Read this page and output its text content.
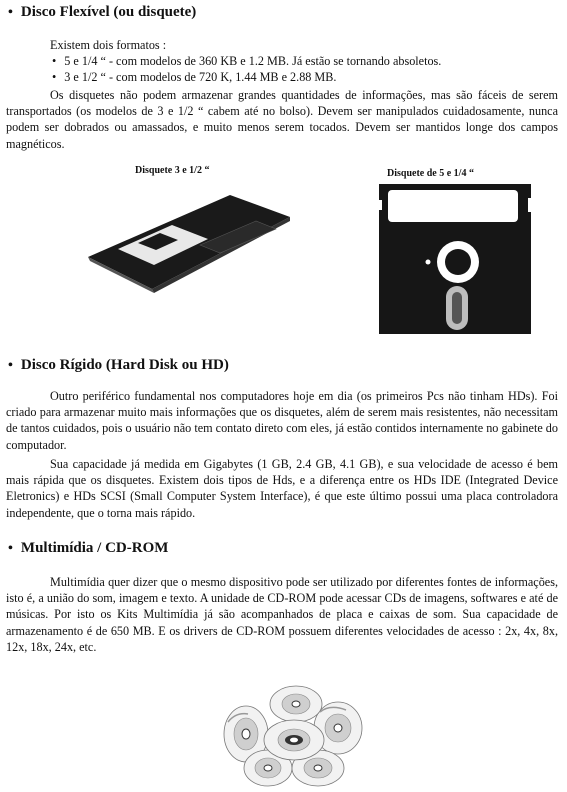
• Disco Flexível (ou disquete)
Existem dois formatos :
• 5 e 1/4 “ - com modelos de 360 KB e 1.2 MB. Já estão se tornando absoletos.
• 3 e 1/2 “ - com modelos de 720 K, 1.44 MB e 2.88 MB.

Os disquetes não podem armazenar grandes quantidades de informações, mas são fáceis de serem transportados (os modelos de 3 e 1/2 “ cabem até no bolso). Devem ser manipulados cuidadosamente, nunca podem ser dobrados ou amassados, e muito menos serem tocados. Devem ser mantidos longe dos campos magnéticos.

Disquete 3 e 1/2 “	Disquete de 5 e 1/4 “
• Disco Rígido (Hard Disk ou HD)

Outro periférico fundamental nos computadores hoje em dia (os primeiros Pcs não tinham HDs). Foi criado para armazenar muito mais informações que os disquetes, além de serem mais resistentes, não necessitam de tantos cuidados, pois o usuário não tem contato direto com eles, já estão contidos internamente no gabinete do computador.

Sua capacidade já medida em Gigabytes (1 GB, 2.4 GB, 4.1 GB), e sua velocidade de acesso é bem mais rápida que os disquetes. Existem dois tipos de Hds, e a diferença entre os HDs IDE (Integrated Device Eletronics) e HDs SCSI (Small Computer System Interface), é que este último possui uma placa controladora independente, que o torna mais rápido.

• Multimídia / CD-ROM

Multimídia quer dizer que o mesmo dispositivo pode ser utilizado por diferentes fontes de informações, isto é, a união do som, imagem e texto. A unidade de CD-ROM pode acessar CDs de imagens, softwares e até de músicas. Por isto os Kits Multimídia já são acompanhados de placa e caixas de som. Sua capacidade de armazenamento é de 650 MB. E os drivers de CD-ROM possuem diferentes velocidades de acesso : 2x, 4x, 8x, 12x, 18x, 24x, etc.
